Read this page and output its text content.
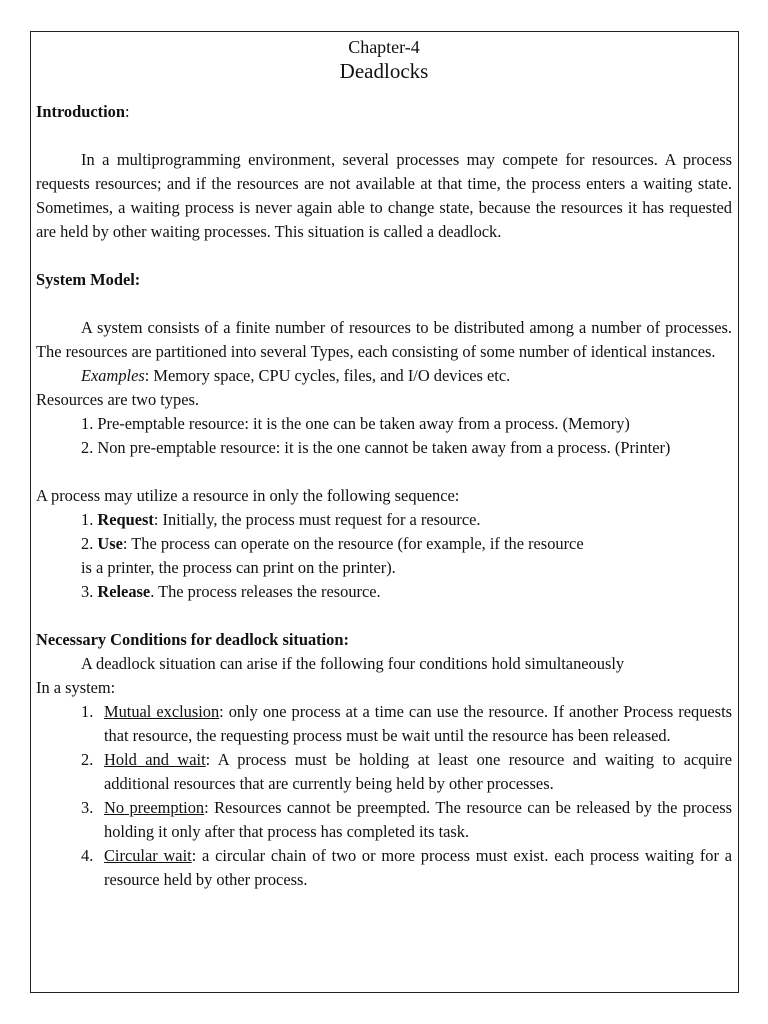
Chapter-4

Deadlocks

Introduction:

In a multiprogramming environment, several processes may compete for resources. A process requests resources; and if the resources are not available at that time, the process enters a waiting state. Sometimes, a waiting process is never again able to change state, because the resources it has requested are held by other waiting processes. This situation is called a deadlock.

System Model:

A system consists of a finite number of resources to be distributed among a number of processes. The resources are partitioned into several Types, each consisting of some number of identical instances.

Examples: Memory space, CPU cycles, files, and I/O devices etc.

Resources are two types.

1. Pre-emptable resource: it is the one can be taken away from a process. (Memory)

2. Non pre-emptable resource: it is the one cannot be taken away from a process. (Printer)

A process may utilize a resource in only the following sequence:

1. Request: Initially, the process must request for a resource.

2. Use: The process can operate on the resource (for example, if the resource

is a printer, the process can print on the printer).

3. Release. The process releases the resource.

Necessary Conditions for deadlock situation:

A deadlock situation can arise if the following four conditions hold simultaneously

In a system:

1. Mutual exclusion: only one process at a time can use the resource. If another Process requests that resource, the requesting process must be wait until the resource has been released.
2. Hold and wait: A process must be holding at least one resource and waiting to acquire additional resources that are currently being held by other processes.
3. No preemption: Resources cannot be preempted. The resource can be released by the process holding it only after that process has completed its task.
4. Circular wait: a circular chain of two or more process must exist. each process waiting for a resource held by other process.
